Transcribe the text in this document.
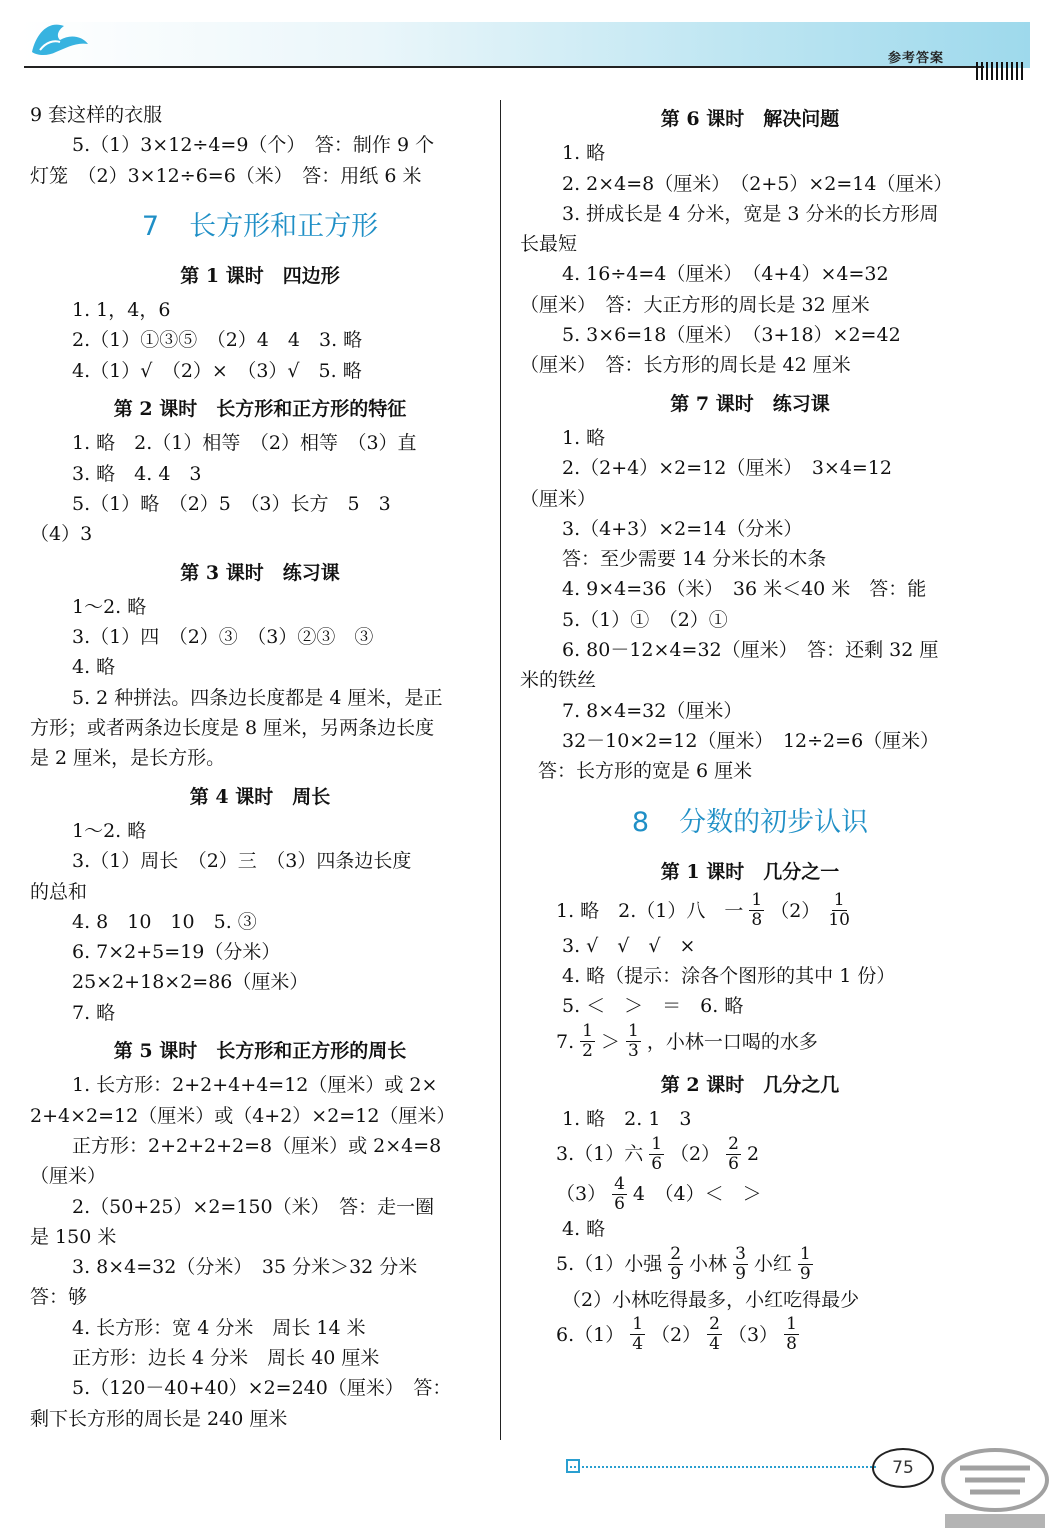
参考答案
9 套这样的衣服
5.（1）3×12÷4=9（个）　答：制作 9 个
灯笼　（2）3×12÷6=6（米）　答：用纸 6 米
7 长方形和正方形
第 1 课时　四边形
1. 1，4，6
2.（1）①③⑤　（2）4　4　3. 略
4.（1）√　（2）×　（3）√　5. 略
第 2 课时　长方形和正方形的特征
1. 略　2.（1）相等　（2）相等　（3）直
3. 略　4. 4　3
5.（1）略　（2）5　（3）长方　5　3
（4）3
第 3 课时　练习课
1～2. 略
3.（1）四　（2）③　（3）②③　③
4. 略
5. 2 种拼法。四条边长度都是 4 厘米，是正
方形；或者两条边长度是 8 厘米，另两条边长度
是 2 厘米，是长方形。
第 4 课时　周长
1～2. 略
3.（1）周长　（2）三　（3）四条边长度
的总和
4. 8　10　10　5. ③
6. 7×2+5=19（分米）
25×2+18×2=86（厘米）
7. 略
第 5 课时　长方形和正方形的周长
1. 长方形：2+2+4+4=12（厘米）或 2×
2+4×2=12（厘米）或（4+2）×2=12（厘米）
正方形：2+2+2+2=8（厘米）或 2×4=8
（厘米）
2.（50+25）×2=150（米）　答：走一圈
是 150 米
3. 8×4=32（分米）　35 分米＞32 分米
答：够
4. 长方形：宽 4 分米　周长 14 米
正方形：边长 4 分米　周长 40 厘米
5.（120－40+40）×2=240（厘米）　答：
剩下长方形的周长是 240 厘米
第 6 课时　解决问题
1. 略
2. 2×4=8（厘米）　（2+5）×2=14（厘米）
3. 拼成长是 4 分米，宽是 3 分米的长方形周
长最短
4. 16÷4=4（厘米）　（4+4）×4=32
（厘米）　答：大正方形的周长是 32 厘米
5. 3×6=18（厘米）　（3+18）×2=42
（厘米）　答：长方形的周长是 42 厘米
第 7 课时　练习课
1. 略
2.（2+4）×2=12（厘米）　3×4=12
（厘米）
3.（4+3）×2=14（分米）
答：至少需要 14 分米长的木条
4. 9×4=36（米）　36 米＜40 米　答：能
5.（1）①　（2）①
6. 80－12×4=32（厘米）　答：还剩 32 厘
米的铁丝
7. 8×4=32（厘米）
32－10×2=12（厘米）　12÷2=6（厘米）
答：长方形的宽是 6 厘米
8 分数的初步认识
第 1 课时　几分之一
1. 略　2.（1）八　一 $\frac{1}{8} (2) \frac{1}{10}$
3. √　√　√　×
4. 略（提示：涂各个图形的其中 1 份）
5. ＜　＞　＝　6. 略
7. $\frac{1}{2} > \frac{1}{3}$ ，小林一口喝的水多
第 2 课时　几分之几
1. 略　2. 1　3
3.（1）六 $\frac{1}{6} (2) \frac{2}{6} 2$
$(3) \frac{4}{6} 4$　（4）＜　＞
4. 略
5.（1）小强 $\frac{2}{9}$ 小林 $\frac{3}{9}$ 小红 $\frac{1}{9}$
（2）小林吃得最多，小红吃得最少
$6.(1) \frac{1}{4} (2) \frac{2}{4} (3) \frac{1}{8}$
75
